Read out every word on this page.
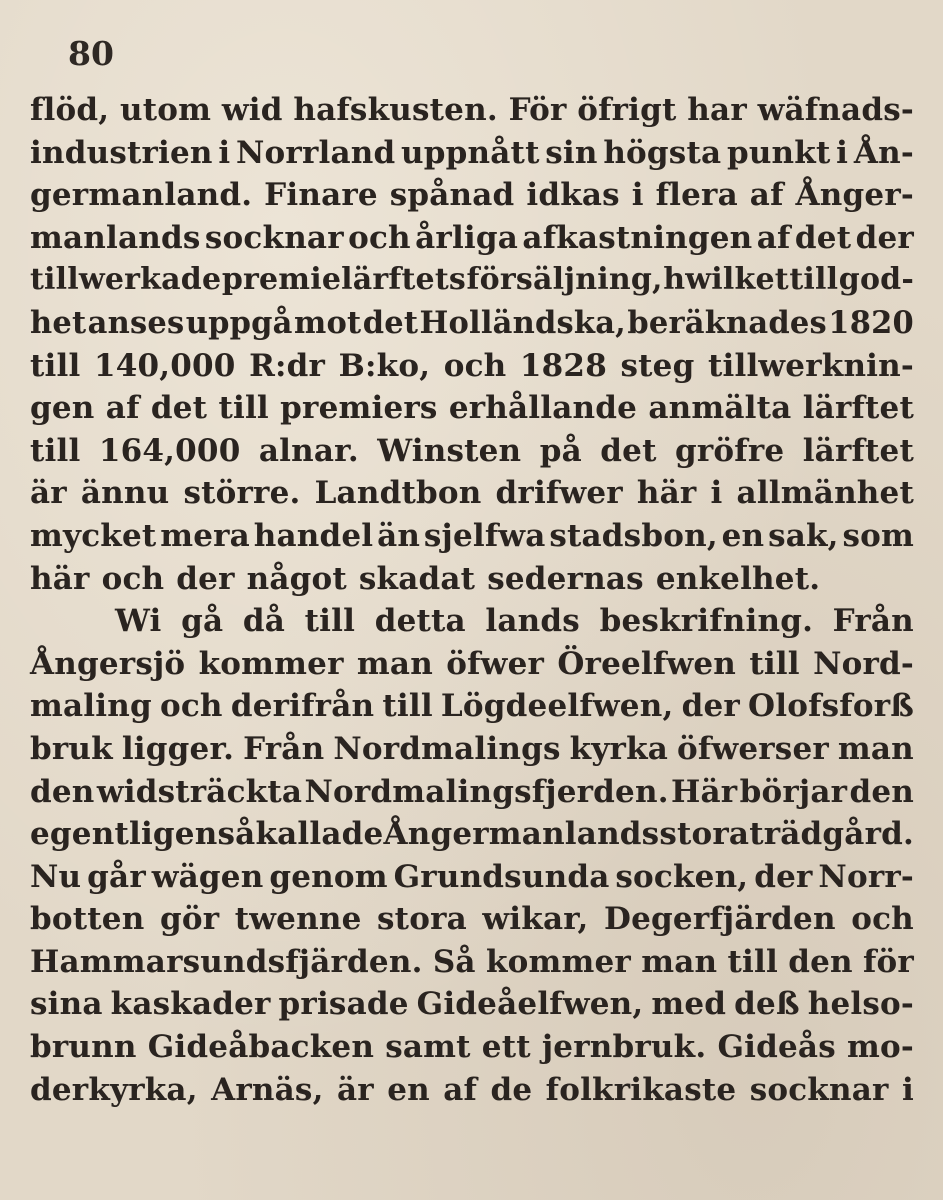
80
flöd, utom wid hafskusten. För öfrigt har wäfnads-
industrien i Norrland uppnått sin högsta punkt i Ån-
germanland. Finare spånad idkas i flera af Ånger-
manlands socknar och årliga afkastningen af det der
tillwerkade premielärftets försäljning, hwilket till god-
het anses uppgå mot det Holländska, beräknades 1820
till 140,000 R:dr B:ko, och 1828 steg tillwerknin-
gen af det till premiers erhållande anmälta lärftet
till 164,000 alnar. Winsten på det gröfre lärftet
är ännu större. Landtbon drifwer här i allmänhet
mycket mera handel än sjelfwa stadsbon, en sak, som
här och der något skadat sedernas enkelhet.
Wi gå då till detta lands beskrifning. Från
Ångersjö kommer man öfwer Öreelfwen till Nord-
maling och derifrån till Lögdeelfwen, der Olofsforß
bruk ligger. Från Nordmalings kyrka öfwerser man
den widsträckta Nordmalingsfjerden. Här börjar den
egentligen så kallade Ångermanlands stora trädgård.
Nu går wägen genom Grundsunda socken, der Norr-
botten gör twenne stora wikar, Degerfjärden och
Hammarsundsfjärden. Så kommer man till den för
sina kaskader prisade Gideåelfwen, med deß helso-
brunn Gideåbacken samt ett jernbruk. Gideås mo-
derkyrka, Arnäs, är en af de folkrikaste socknar i
